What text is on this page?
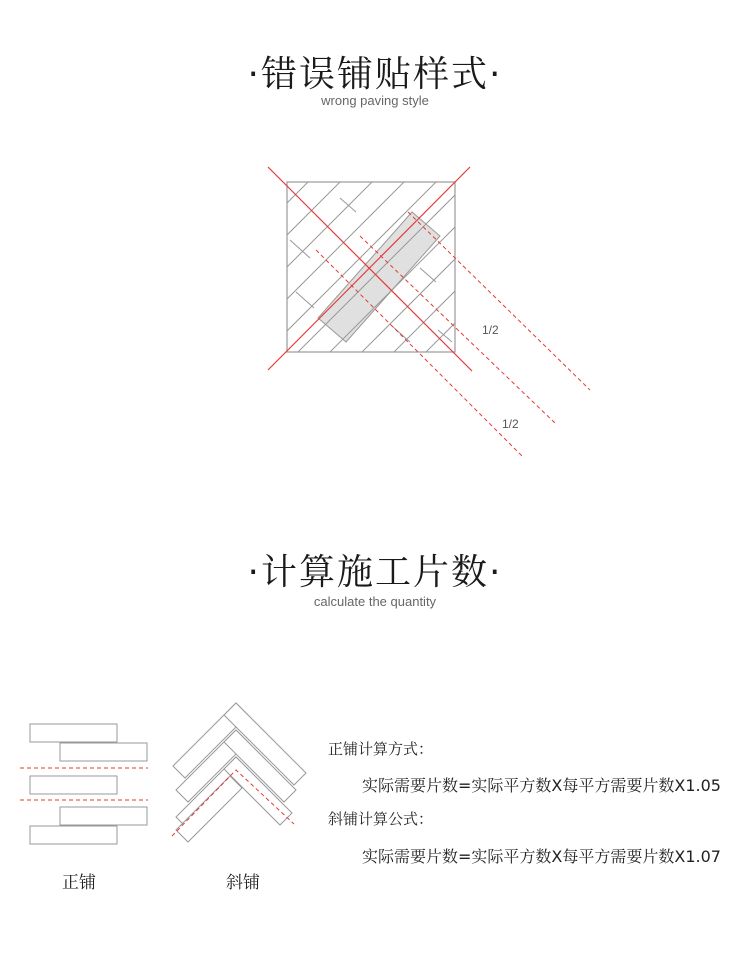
·错误铺贴样式·
wrong paving style
1/2
1/2
·计算施工片数·
calculate the quantity
正铺	斜铺
正铺计算方式：
实际需要片数=实际平方数X每平方需要片数X1.05
斜铺计算公式：
实际需要片数=实际平方数X每平方需要片数X1.07
